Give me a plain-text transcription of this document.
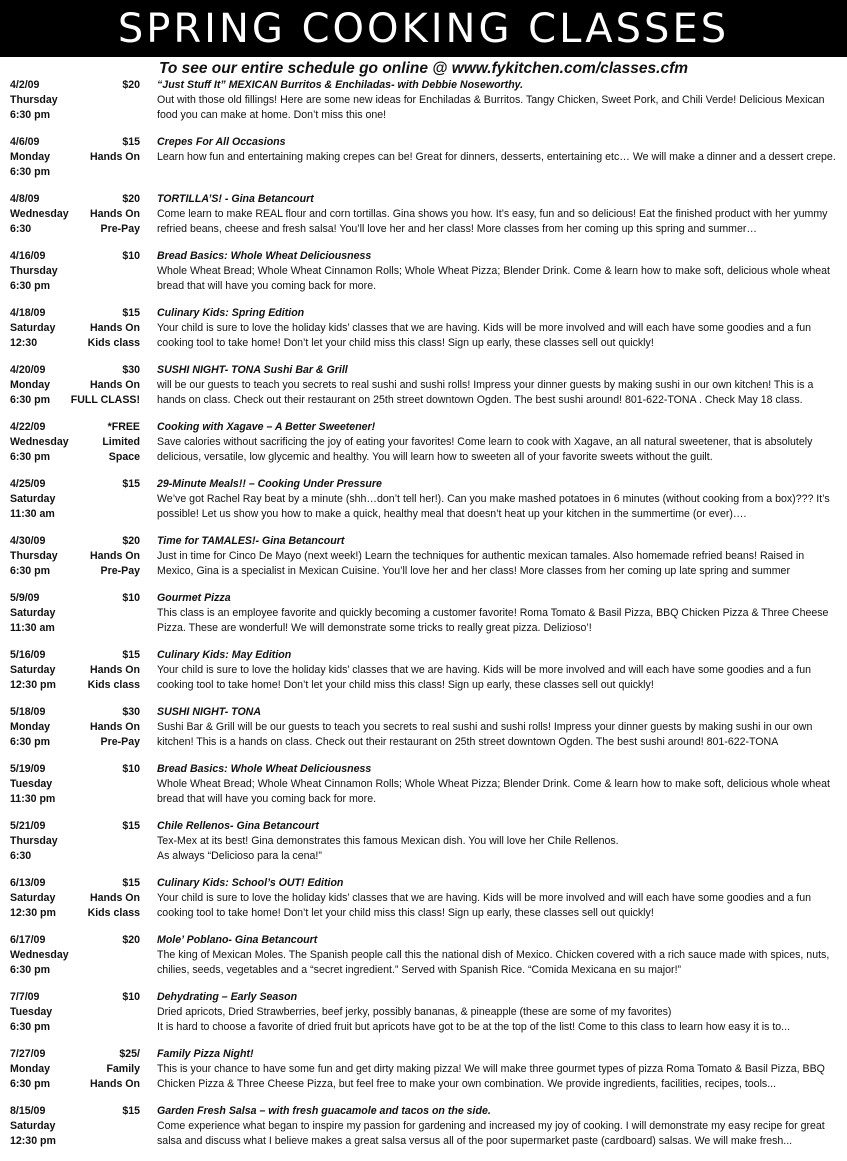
SPRING COOKING CLASSES
To see our entire schedule go online @ www.fykitchen.com/classes.cfm
4/2/09	$20
Thursday
6:30 pm
“Just Stuff It” MEXICAN Burritos & Enchiladas- with Debbie Noseworthy.
Out with those old fillings! Here are some new ideas for Enchiladas & Burritos. Tangy Chicken, Sweet Pork, and Chili Verde! Delicious Mexican food you can make at home. Don’t miss this one!
4/6/09	$15
Monday	Hands On
6:30 pm
Crepes For All Occasions
Learn how fun and entertaining making crepes can be! Great for dinners, desserts, entertaining etc… We will make a dinner and a dessert crepe.
4/8/09	$20
Wednesday Hands On
6:30	Pre-Pay
TORTILLA’S! - Gina Betancourt
Come learn to make REAL flour and corn tortillas. Gina shows you how. It’s easy, fun and so delicious! Eat the finished product with her yummy refried beans, cheese and fresh salsa! You’ll love her and her class! More classes from her coming up this spring and summer…
4/16/09	$10
Thursday
6:30 pm
Bread Basics: Whole Wheat Deliciousness
Whole Wheat Bread; Whole Wheat Cinnamon Rolls; Whole Wheat Pizza; Blender Drink. Come & learn how to make soft, delicious whole wheat bread that will have you coming back for more.
4/18/09	$15
Saturday	Hands On
12:30	Kids class
Culinary Kids: Spring Edition
Your child is sure to love the holiday kids’ classes that we are having. Kids will be more involved and will each have some goodies and a fun cooking tool to take home! Don’t let your child miss this class! Sign up early, these classes sell out quickly!
4/20/09	$30
Monday	Hands On
6:30 pm FULL CLASS!
SUSHI NIGHT- TONA Sushi Bar & Grill
will be our guests to teach you secrets to real sushi and sushi rolls! Impress your dinner guests by making sushi in our own kitchen! This is a hands on class. Check out their restaurant on 25th street downtown Ogden. The best sushi around! 801-622-TONA . Check May 18 class.
4/22/09	*FREE
Wednesday	Limited
6:30 pm	Space
Cooking with Xagave – A Better Sweetener!
Save calories without sacrificing the joy of eating your favorites! Come learn to cook with Xagave, an all natural sweetener, that is absolutely delicious, versatile, low glycemic and healthy. You will learn how to sweeten all of your favorite sweets without the guilt.
4/25/09	$15
Saturday
11:30 am
29-Minute Meals!! – Cooking Under Pressure
We’ve got Rachel Ray beat by a minute (shh…don’t tell her!). Can you make mashed potatoes in 6 minutes (without cooking from a box)??? It’s possible! Let us show you how to make a quick, healthy meal that doesn’t heat up your kitchen in the summertime (or ever)….
4/30/09	$20
Thursday	Hands On
6:30 pm	Pre-Pay
Time for TAMALES!- Gina Betancourt
Just in time for Cinco De Mayo (next week!) Learn the techniques for authentic mexican tamales. Also homemade refried beans! Raised in Mexico, Gina is a specialist in Mexican Cuisine. You’ll love her and her class! More classes from her coming up late spring and summer
5/9/09	$10
Saturday
11:30 am
Gourmet Pizza
This class is an employee favorite and quickly becoming a customer favorite! Roma Tomato & Basil Pizza, BBQ Chicken Pizza & Three Cheese Pizza. These are wonderful! We will demonstrate some tricks to really great pizza. Delizioso’!
5/16/09	$15
Saturday	Hands On
12:30 pm	Kids class
Culinary Kids: May Edition
Your child is sure to love the holiday kids’ classes that we are having. Kids will be more involved and will each have some goodies and a fun cooking tool to take home! Don’t let your child miss this class! Sign up early, these classes sell out quickly!
5/18/09	$30
Monday	Hands On
6:30 pm	Pre-Pay
SUSHI NIGHT- TONA
Sushi Bar & Grill will be our guests to teach you secrets to real sushi and sushi rolls! Impress your dinner guests by making sushi in our own kitchen! This is a hands on class. Check out their restaurant on 25th street downtown Ogden. The best sushi around! 801-622-TONA
5/19/09	$10
Tuesday
11:30 pm
Bread Basics: Whole Wheat Deliciousness
Whole Wheat Bread; Whole Wheat Cinnamon Rolls; Whole Wheat Pizza; Blender Drink. Come & learn how to make soft, delicious whole wheat bread that will have you coming back for more.
5/21/09	$15
Thursday
6:30
Chile Rellenos- Gina Betancourt
Tex-Mex at its best! Gina demonstrates this famous Mexican dish. You will love her Chile Rellenos.
As always “Delicioso para la cena!”
6/13/09	$15
Saturday	Hands On
12:30 pm	Kids class
Culinary Kids: School’s OUT! Edition
Your child is sure to love the holiday kids’ classes that we are having. Kids will be more involved and will each have some goodies and a fun cooking tool to take home! Don’t let your child miss this class! Sign up early, these classes sell out quickly!
6/17/09	$20
Wednesday
6:30 pm
Mole’ Poblano- Gina Betancourt
The king of Mexican Moles. The Spanish people call this the national dish of Mexico. Chicken covered with a rich sauce made with spices, nuts, chilies, seeds, vegetables and a “secret ingredient.” Served with Spanish Rice. “Comida Mexicana en su major!”
7/7/09	$10
Tuesday
6:30 pm
Dehydrating – Early Season
Dried apricots, Dried Strawberries, beef jerky, possibly bananas, & pineapple (these are some of my favorites)
It is hard to choose a favorite of dried fruit but apricots have got to be at the top of the list! Come to this class to learn how easy it is to...
7/27/09	$25/
Monday	Family
6:30 pm	Hands On
Family Pizza Night!
This is your chance to have some fun and get dirty making pizza! We will make three gourmet types of pizza Roma Tomato & Basil Pizza, BBQ Chicken Pizza & Three Cheese Pizza, but feel free to make your own combination. We provide ingredients, facilities, recipes, tools...
8/15/09	$15
Saturday
12:30 pm
Garden Fresh Salsa – with fresh guacamole and tacos on the side.
Come experience what began to inspire my passion for gardening and increased my joy of cooking. I will demonstrate my easy recipe for great salsa and discuss what I believe makes a great salsa versus all of the poor supermarket paste (cardboard) salsas. We will make fresh...
